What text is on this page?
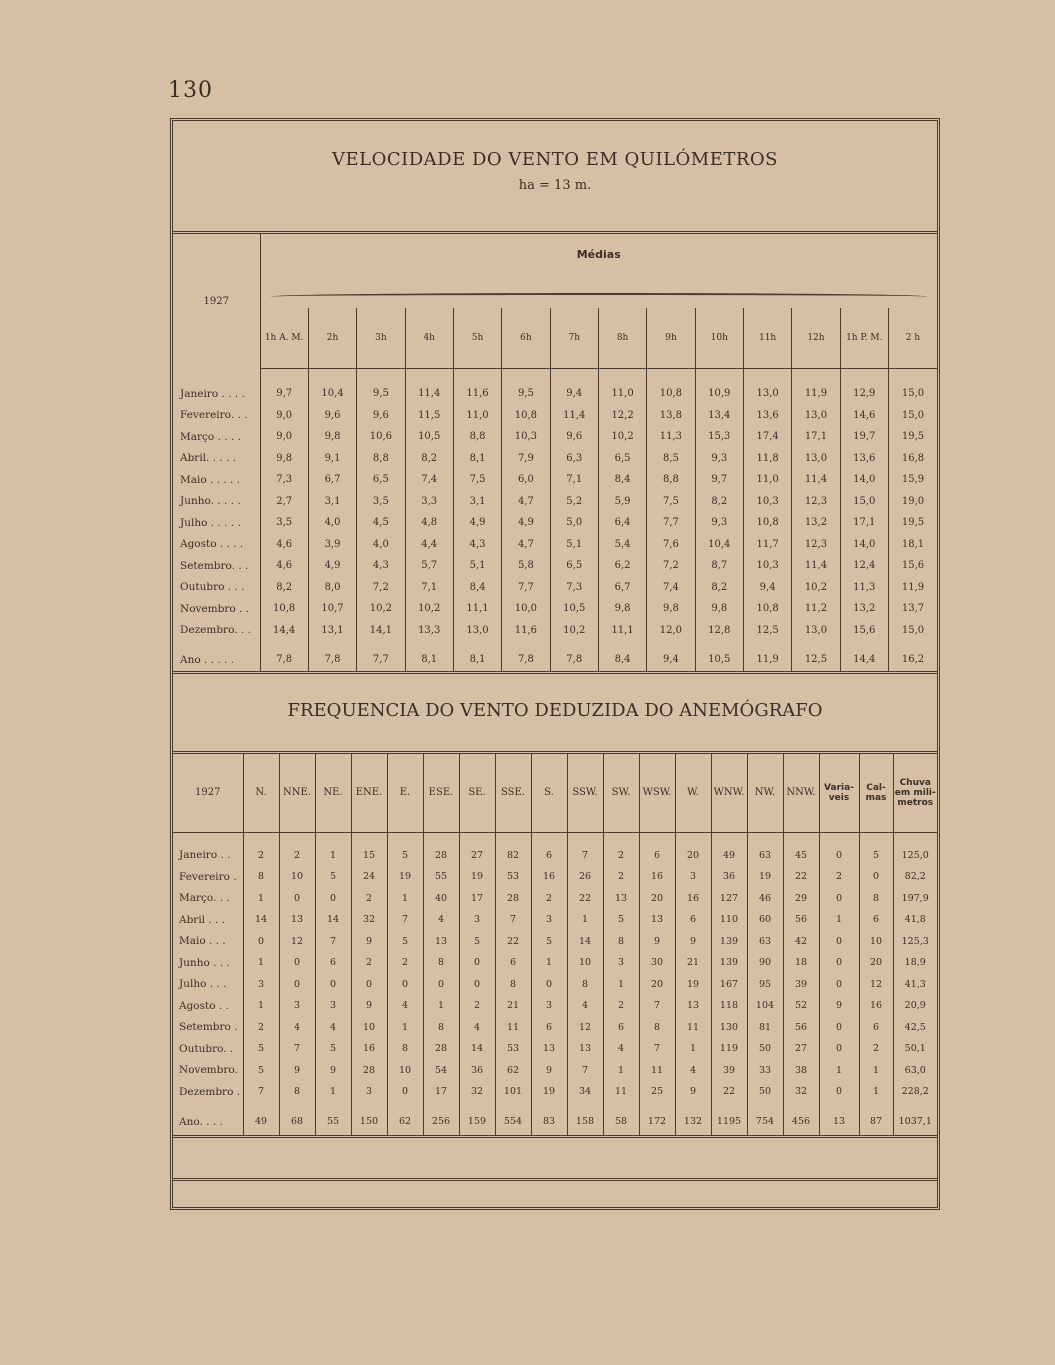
130
VELOCIDADE DO VENTO EM QUILÓMETROS
ha = 13 m.
1927	Médias													

	1h A. M.	2h	3h	4h	5h	6h	7h	8h	9h	10h	11h	12h	1h P. M.	2 h

Janeiro . . . .	9,7	10,4	9,5	11,4	11,6	9,5	9,4	11,0	10,8	10,9	13,0	11,9	12,9	15,0
Fevereiro. . .	9,0	9,6	9,6	11,5	11,0	10,8	11,4	12,2	13,8	13,4	13,6	13,0	14,6	15,0
Março . . . .	9,0	9,8	10,6	10,5	8,8	10,3	9,6	10,2	11,3	15,3	17,4	17,1	19,7	19,5
Abril. . . . .	9,8	9,1	8,8	8,2	8,1	7,9	6,3	6,5	8,5	9,3	11,8	13,0	13,6	16,8
Maio . . . . .	7,3	6,7	6,5	7,4	7,5	6,0	7,1	8,4	8,8	9,7	11,0	11,4	14,0	15,9
Junho. . . . .	2,7	3,1	3,5	3,3	3,1	4,7	5,2	5,9	7,5	8,2	10,3	12,3	15,0	19,0
Julho . . . . .	3,5	4,0	4,5	4,8	4,9	4,9	5,0	6,4	7,7	9,3	10,8	13,2	17,1	19,5
Agosto . . . .	4,6	3,9	4,0	4,4	4,3	4,7	5,1	5,4	7,6	10,4	11,7	12,3	14,0	18,1
Setembro. . .	4,6	4,9	4,3	5,7	5,1	5,8	6,5	6,2	7,2	8,7	10,3	11,4	12,4	15,6
Outubro . . .	8,2	8,0	7,2	7,1	8,4	7,7	7,3	6,7	7,4	8,2	9,4	10,2	11,3	11,9
Novembro . .	10,8	10,7	10,2	10,2	11,1	10,0	10,5	9,8	9,8	9,8	10,8	11,2	13,2	13,7
Dezembro. . .	14,4	13,1	14,1	13,3	13,0	11,6	10,2	11,1	12,0	12,8	12,5	13,0	15,6	15,0

Ano . . . . .	7,8	7,8	7,7	8,1	8,1	7,8	7,8	8,4	9,4	10,5	11,9	12,5	14,4	16,2
FREQUENCIA DO VENTO DEDUZIDA DO ANEMÓGRAFO
1927	N.	NNE.	NE.	ENE.	E.	ESE.	SE.	SSE.	S.	SSW.	SW.	WSW.	W.	WNW.	NW.	NNW.	Varia-veis	Cal-mas	Chuva em mili-metros

Janeiro . .	2	2	1	15	5	28	27	82	6	7	2	6	20	49	63	45	0	5	125,0
Fevereiro .	8	10	5	24	19	55	19	53	16	26	2	16	3	36	19	22	2	0	82,2
Março. . .	1	0	0	2	1	40	17	28	2	22	13	20	16	127	46	29	0	8	197,9
Abril . . .	14	13	14	32	7	4	3	7	3	1	5	13	6	110	60	56	1	6	41,8
Maio . . .	0	12	7	9	5	13	5	22	5	14	8	9	9	139	63	42	0	10	125,3
Junho . . .	1	0	6	2	2	8	0	6	1	10	3	30	21	139	90	18	0	20	18,9
Julho . . .	3	0	0	0	0	0	0	8	0	8	1	20	19	167	95	39	0	12	41,3
Agosto . .	1	3	3	9	4	1	2	21	3	4	2	7	13	118	104	52	9	16	20,9
Setembro .	2	4	4	10	1	8	4	11	6	12	6	8	11	130	81	56	0	6	42,5
Outubro. .	5	7	5	16	8	28	14	53	13	13	4	7	1	119	50	27	0	2	50,1
Novembro.	5	9	9	28	10	54	36	62	9	7	1	11	4	39	33	38	1	1	63,0
Dezembro .	7	8	1	3	0	17	32	101	19	34	11	25	9	22	50	32	0	1	228,2

Ano. . . .	49	68	55	150	62	256	159	554	83	158	58	172	132	1195	754	456	13	87	1037,1
